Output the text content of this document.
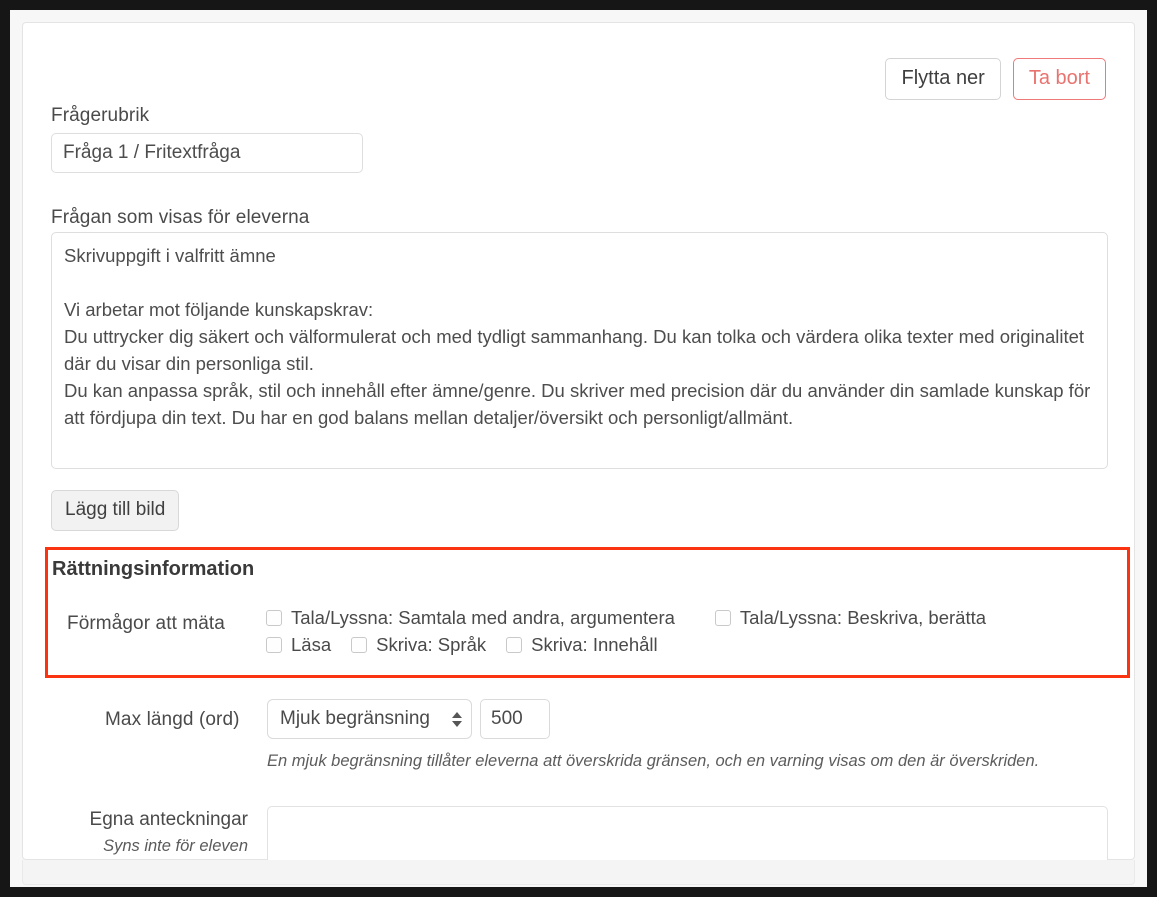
Flytta ner	Ta bort
Frågerubrik
Fråga 1 / Fritextfråga
Frågan som visas för eleverna
Skrivuppgift i valfritt ämne Vi arbetar mot följande kunskapskrav: Du uttrycker dig säkert och välformulerat och med tydligt sammanhang. Du kan tolka och värdera olika texter med originalitet där du visar din personliga stil. Du kan anpassa språk, stil och innehåll efter ämne/genre. Du skriver med precision där du använder din samlade kunskap för att fördjupa din text. Du har en god balans mellan detaljer/översikt och personligt/allmänt.
Lägg till bild
Rättningsinformation
Förmågor att mäta	Tala/Lyssna: Samtala med andra, argumentera	Tala/Lyssna: Beskriva, berätta
Läsa Skriva: Språk Skriva: Innehåll
Max längd (ord) Mjuk begränsning
500
En mjuk begränsning tillåter eleverna att överskrida gränsen, och en varning visas om den är överskriden.
Egna anteckningar
Syns inte för eleven
